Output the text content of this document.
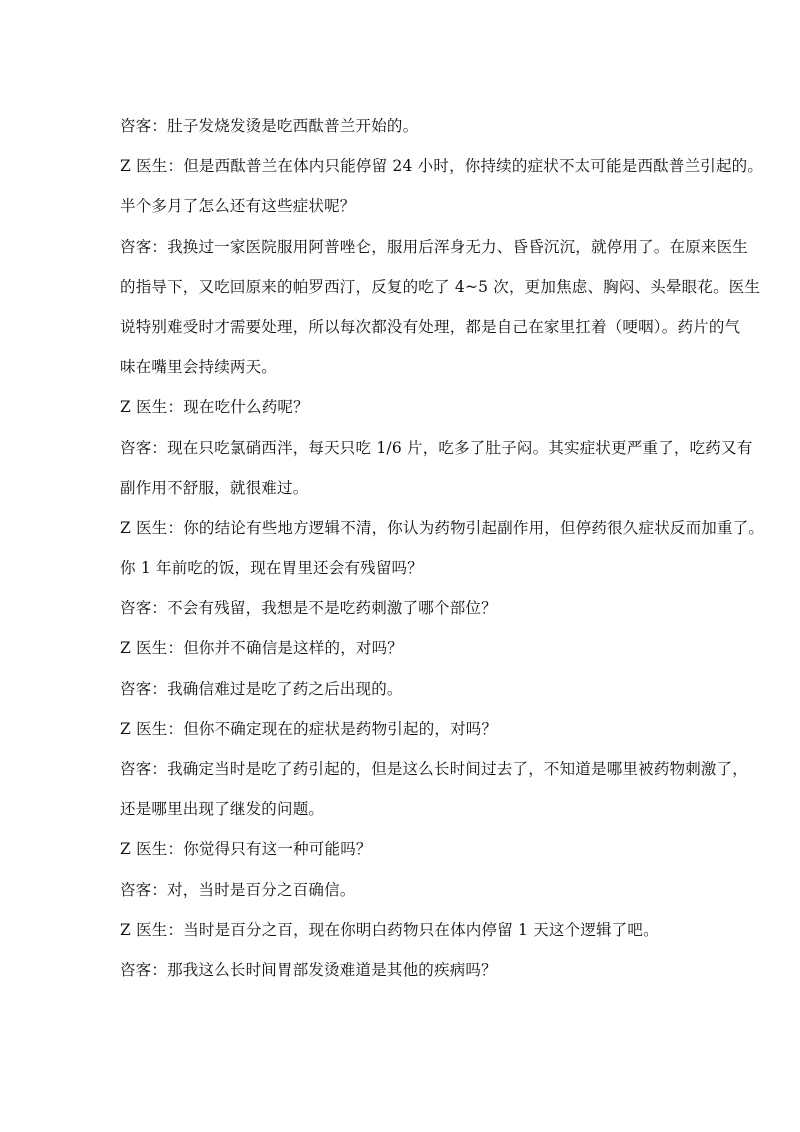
咨客：肚子发烧发烫是吃西酞普兰开始的。
Z 医生：但是西酞普兰在体内只能停留 24 小时，你持续的症状不太可能是西酞普兰引起的。
半个多月了怎么还有这些症状呢？
咨客：我换过一家医院服用阿普唑仑，服用后浑身无力、昏昏沉沉，就停用了。在原来医生
的指导下，又吃回原来的帕罗西汀，反复的吃了 4~5 次，更加焦虑、胸闷、头晕眼花。医生
说特别难受时才需要处理，所以每次都没有处理，都是自己在家里扛着（哽咽）。药片的气
味在嘴里会持续两天。
Z 医生：现在吃什么药呢？
咨客：现在只吃氯硝西泮，每天只吃 1/6 片，吃多了肚子闷。其实症状更严重了，吃药又有
副作用不舒服，就很难过。
Z 医生：你的结论有些地方逻辑不清，你认为药物引起副作用，但停药很久症状反而加重了。
你 1 年前吃的饭，现在胃里还会有残留吗？
咨客：不会有残留，我想是不是吃药刺激了哪个部位？
Z 医生：但你并不确信是这样的，对吗？
咨客：我确信难过是吃了药之后出现的。
Z 医生：但你不确定现在的症状是药物引起的，对吗？
咨客：我确定当时是吃了药引起的，但是这么长时间过去了，不知道是哪里被药物刺激了，
还是哪里出现了继发的问题。
Z 医生：你觉得只有这一种可能吗？
咨客：对，当时是百分之百确信。
Z 医生：当时是百分之百，现在你明白药物只在体内停留 1 天这个逻辑了吧。
咨客：那我这么长时间胃部发烫难道是其他的疾病吗？
